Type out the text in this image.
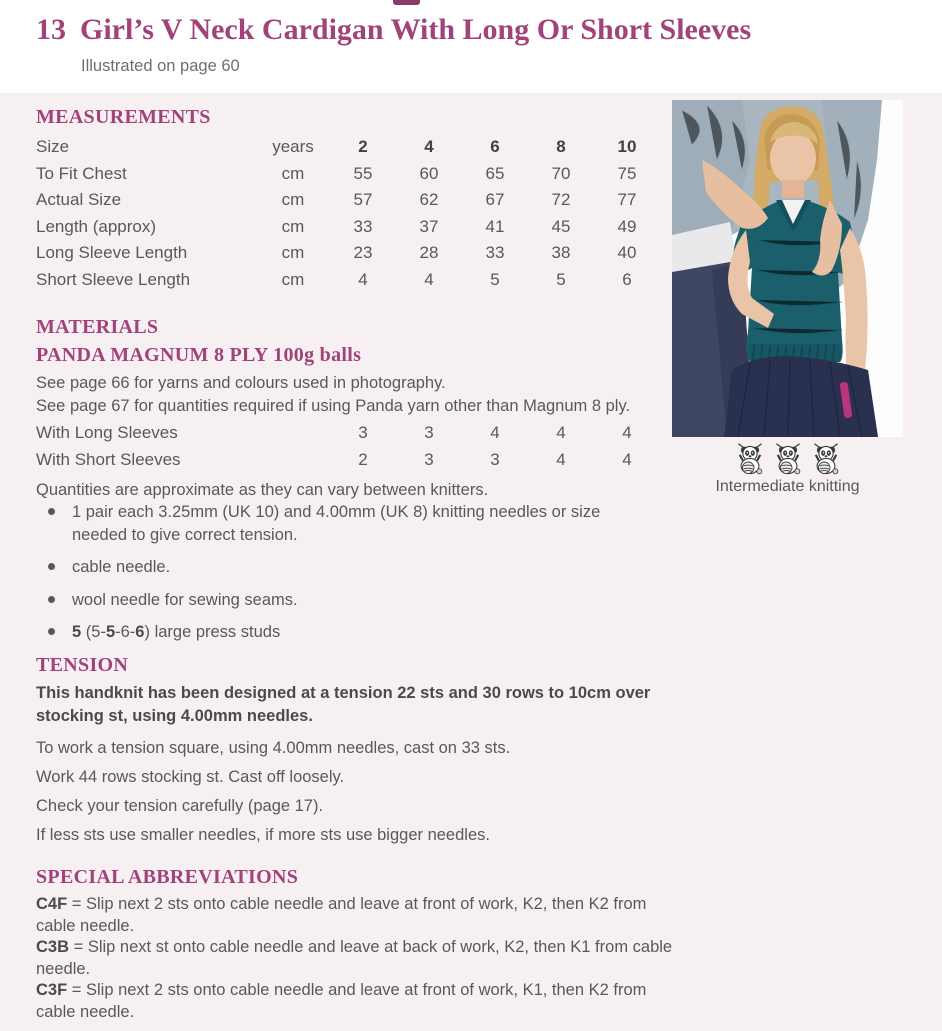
13 Girl’s V Neck Cardigan With Long Or Short Sleeves
Illustrated on page 60
MEASUREMENTS
Size	years	2	4	6	8	10
To Fit Chest	cm	55	60	65	70	75
Actual Size	cm	57	62	67	72	77
Length (approx)	cm	33	37	41	45	49
Long Sleeve Length	cm	23	28	33	38	40
Short Sleeve Length	cm	4	4	5	5	6
MATERIALS
PANDA MAGNUM 8 PLY 100g balls

See page 66 for yarns and colours used in photography.

See page 67 for quantities required if using Panda yarn other than Magnum 8 ply.

With Long Sleeves	3	3	4	4	4
With Short Sleeves	2	3	3	4	4

Quantities are approximate as they can vary between knitters.

1 pair each 3.25mm (UK 10) and 4.00mm (UK 8) knitting needles or size needed to give correct tension.
cable needle.
wool needle for sewing seams.
5 (5-5-6-6) large press studs
TENSION
This handknit has been designed at a tension 22 sts and 30 rows to 10cm over stocking st, using 4.00mm needles.

To work a tension square, using 4.00mm needles, cast on 33 sts.

Work 44 rows stocking st. Cast off loosely.

Check your tension carefully (page 17).

If less sts use smaller needles, if more sts use bigger needles.

SPECIAL ABBREVIATIONS

C4F = Slip next 2 sts onto cable needle and leave at front of work, K2, then K2 from cable needle.

C3B = Slip next st onto cable needle and leave at back of work, K2, then K1 from cable needle.

C3F = Slip next 2 sts onto cable needle and leave at front of work, K1, then K2 from cable needle.

Intermediate knitting
